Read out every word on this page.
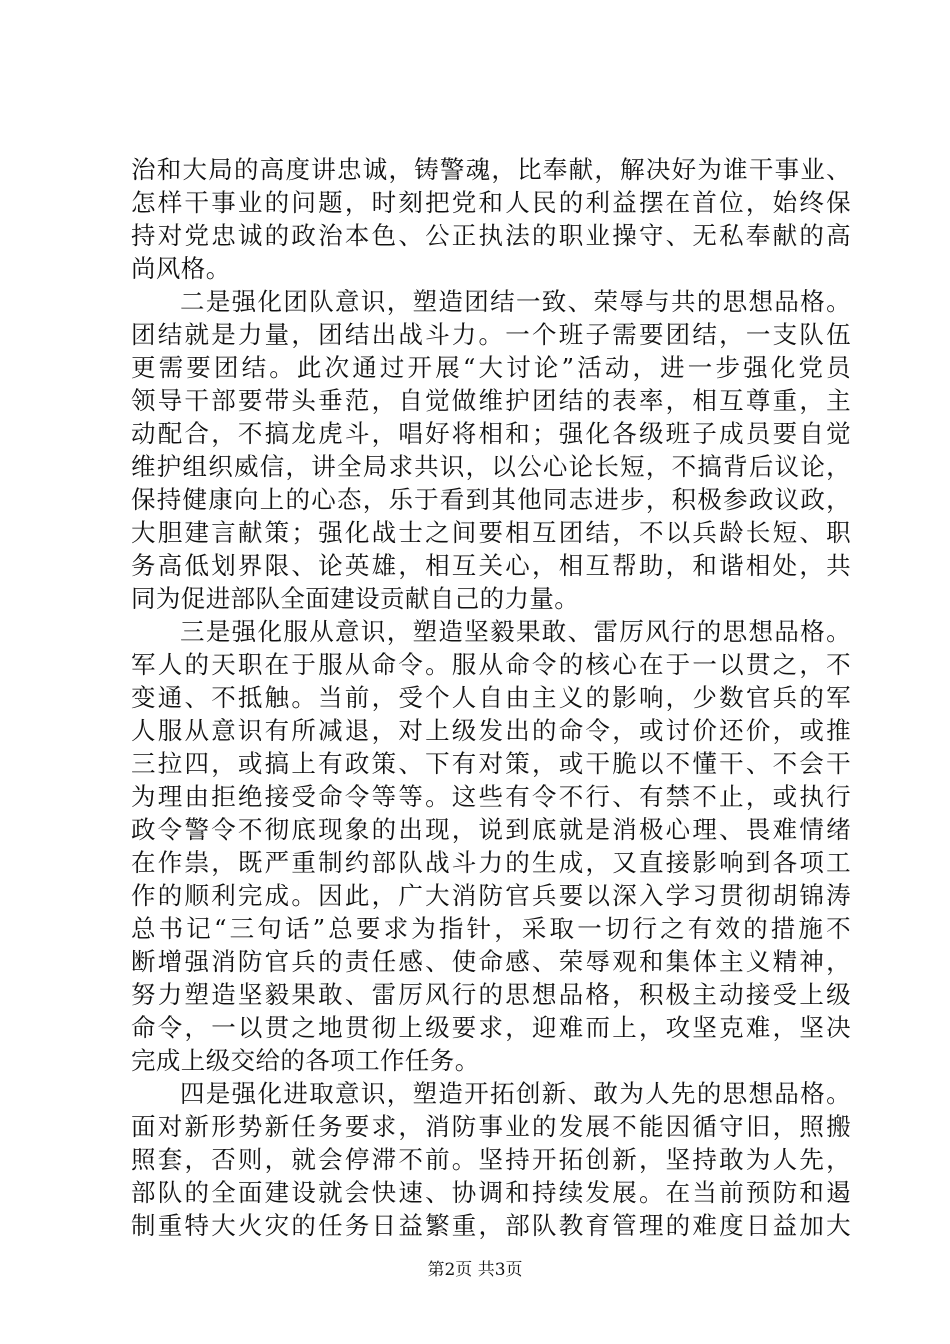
治和大局的高度讲忠诚，铸警魂，比奉献，解决好为谁干事业、
怎样干事业的问题，时刻把党和人民的利益摆在首位，始终保
持对党忠诚的政治本色、公正执法的职业操守、无私奉献的高
尚风格。
二是强化团队意识，塑造团结一致、荣辱与共的思想品格。
团结就是力量，团结出战斗力。一个班子需要团结，一支队伍
更需要团结。此次通过开展“大讨论”活动，进一步强化党员
领导干部要带头垂范，自觉做维护团结的表率，相互尊重，主
动配合，不搞龙虎斗，唱好将相和；强化各级班子成员要自觉
维护组织威信，讲全局求共识，以公心论长短，不搞背后议论，
保持健康向上的心态，乐于看到其他同志进步，积极参政议政，
大胆建言献策；强化战士之间要相互团结，不以兵龄长短、职
务高低划界限、论英雄，相互关心，相互帮助，和谐相处，共
同为促进部队全面建设贡献自己的力量。
三是强化服从意识，塑造坚毅果敢、雷厉风行的思想品格。
军人的天职在于服从命令。服从命令的核心在于一以贯之，不
变通、不抵触。当前，受个人自由主义的影响，少数官兵的军
人服从意识有所减退，对上级发出的命令，或讨价还价，或推
三拉四，或搞上有政策、下有对策，或干脆以不懂干、不会干
为理由拒绝接受命令等等。这些有令不行、有禁不止，或执行
政令警令不彻底现象的出现，说到底就是消极心理、畏难情绪
在作祟，既严重制约部队战斗力的生成，又直接影响到各项工
作的顺利完成。因此，广大消防官兵要以深入学习贯彻胡锦涛
总书记“三句话”总要求为指针，采取一切行之有效的措施不
断增强消防官兵的责任感、使命感、荣辱观和集体主义精神，
努力塑造坚毅果敢、雷厉风行的思想品格，积极主动接受上级
命令，一以贯之地贯彻上级要求，迎难而上，攻坚克难，坚决
完成上级交给的各项工作任务。
四是强化进取意识，塑造开拓创新、敢为人先的思想品格。
面对新形势新任务要求，消防事业的发展不能因循守旧，照搬
照套，否则，就会停滞不前。坚持开拓创新，坚持敢为人先，
部队的全面建设就会快速、协调和持续发展。在当前预防和遏
制重特大火灾的任务日益繁重，部队教育管理的难度日益加大
第2页 共3页
